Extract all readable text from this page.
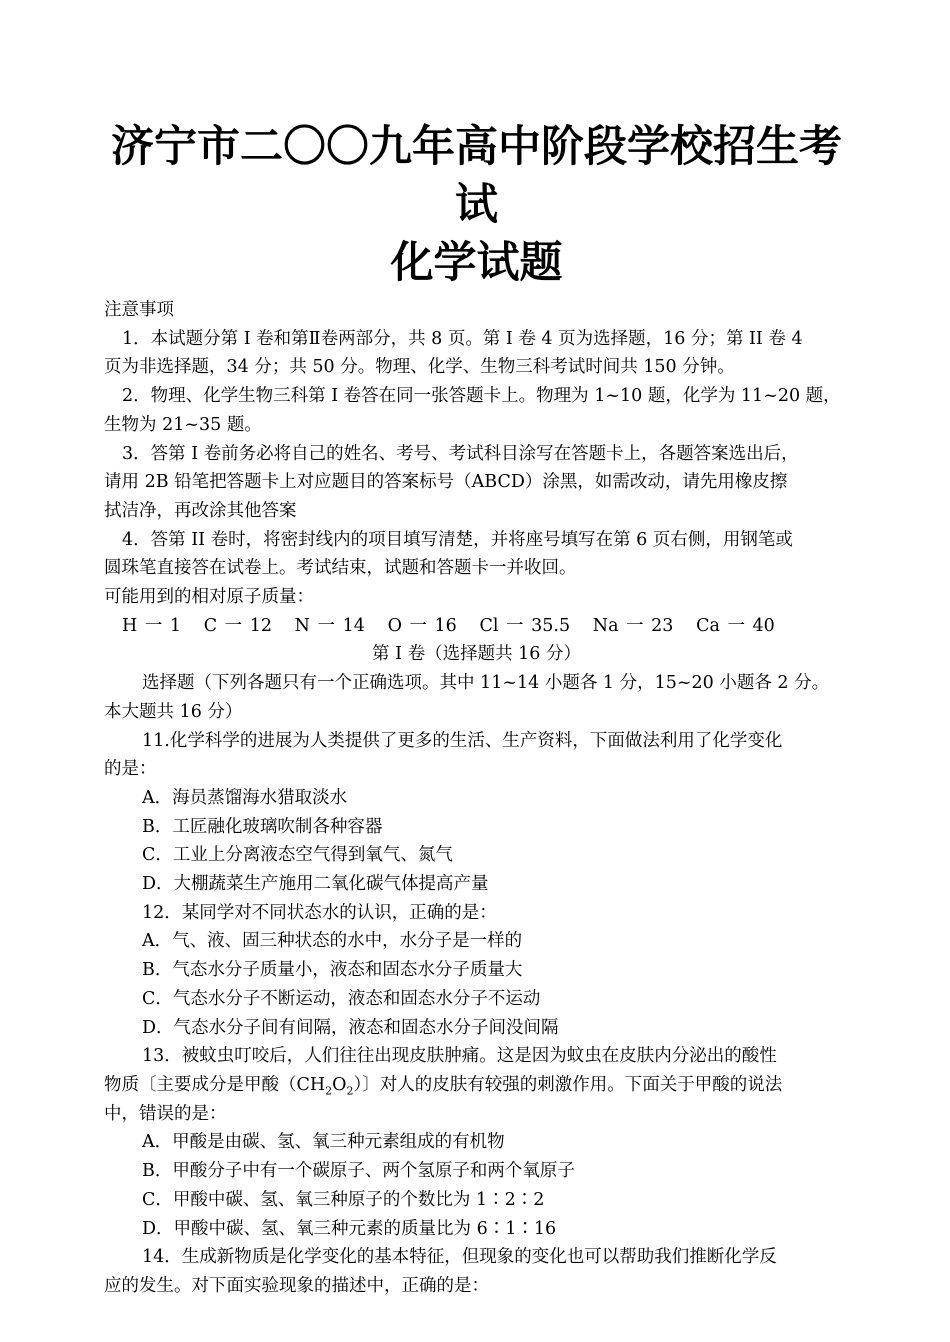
济宁市二〇〇九年高中阶段学校招生考试
化学试题
注意事项
1．本试题分第 I 卷和第Ⅱ卷两部分，共 8 页。第 I 卷 4 页为选择题，16 分；第 II 卷 4
页为非选择题，34 分；共 50 分。物理、化学、生物三科考试时间共 150 分钟。
2．物理、化学生物三科第 I 卷答在同一张答题卡上。物理为 1~10 题，化学为 11~20 题，
生物为 21~35 题。
3．答第 I 卷前务必将自己的姓名、考号、考试科目涂写在答题卡上，各题答案选出后，
请用 2B 铅笔把答题卡上对应题目的答案标号（ABCD）涂黑，如需改动，请先用橡皮擦
拭洁净，再改涂其他答案
4．答第 II 卷时，将密封线内的项目填写清楚，并将座号填写在第 6 页右侧，用钢笔或
圆珠笔直接答在试卷上。考试结束，试题和答题卡一并收回。
可能用到的相对原子质量：
H 一 1   C 一 12   N 一 14   O 一 16   Cl 一 35.5   Na 一 23   Ca 一 40
第 I 卷（选择题共 16 分）
选择题（下列各题只有一个正确选项。其中 11~14 小题各 1 分，15~20 小题各 2 分。
本大题共 16 分）
11.化学科学的进展为人类提供了更多的生活、生产资料，下面做法利用了化学变化
的是：
A．海员蒸馏海水猎取淡水
B．工匠融化玻璃吹制各种容器
C．工业上分离液态空气得到氧气、氮气
D．大棚蔬菜生产施用二氧化碳气体提高产量
12．某同学对不同状态水的认识，正确的是：
A．气、液、固三种状态的水中，水分子是一样的
B．气态水分子质量小，液态和固态水分子质量大
C．气态水分子不断运动，液态和固态水分子不运动
D．气态水分子间有间隔，液态和固态水分子间没间隔
13．被蚊虫叮咬后，人们往往出现皮肤肿痛。这是因为蚊虫在皮肤内分泌出的酸性
物质〔主要成分是甲酸$(CH_2O_2)$〕对人的皮肤有较强的刺激作用。下面关于甲酸的说法
中，错误的是：
A．甲酸是由碳、氢、氧三种元素组成的有机物
B．甲酸分子中有一个碳原子、两个氢原子和两个氧原子
C．甲酸中碳、氢、氧三种原子的个数比为 1∶2∶2
D．甲酸中碳、氢、氧三种元素的质量比为 6∶1∶16
14．生成新物质是化学变化的基本特征，但现象的变化也可以帮助我们推断化学反
应的发生。对下面实验现象的描述中，正确的是：
